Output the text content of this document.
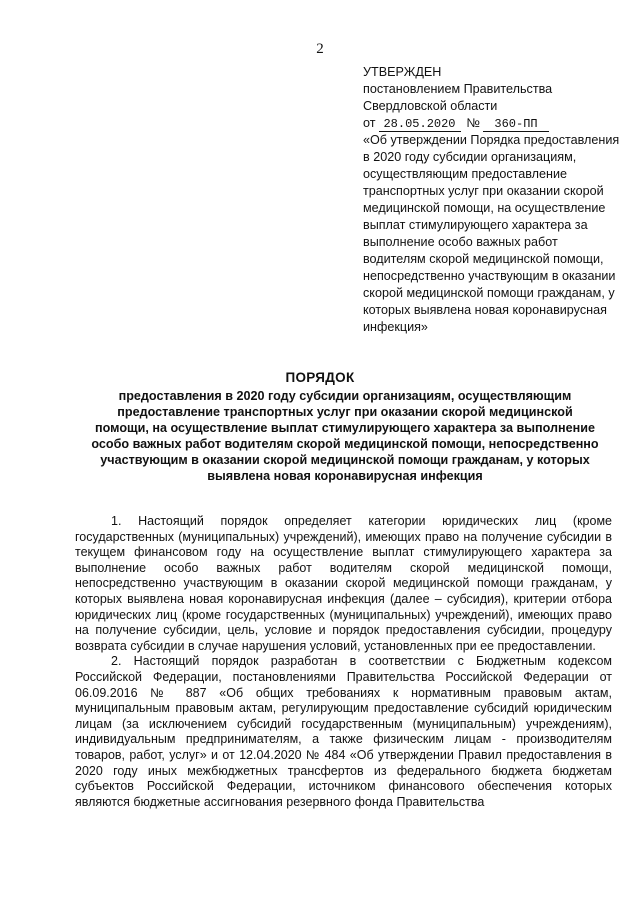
2
УТВЕРЖДЕН
постановлением Правительства
Свердловской области
от 28.05.2020 № 360-ПП
«Об утверждении Порядка предоставления в 2020 году субсидии организациям, осуществляющим предоставление транспортных услуг при оказании скорой медицинской помощи, на осуществление выплат стимулирующего характера за выполнение особо важных работ водителям скорой медицинской помощи, непосредственно участвующим в оказании скорой медицинской помощи гражданам, у которых выявлена новая коронавирусная инфекция»
ПОРЯДОК
предоставления в 2020 году субсидии организациям, осуществляющим предоставление транспортных услуг при оказании скорой медицинской помощи, на осуществление выплат стимулирующего характера за выполнение особо важных работ водителям скорой медицинской помощи, непосредственно участвующим в оказании скорой медицинской помощи гражданам, у которых выявлена новая коронавирусная инфекция

1. Настоящий порядок определяет категории юридических лиц (кроме государственных (муниципальных) учреждений), имеющих право на получение субсидии в текущем финансовом году на осуществление выплат стимулирующего характера за выполнение особо важных работ водителям скорой медицинской помощи, непосредственно участвующим в оказании скорой медицинской помощи гражданам, у которых выявлена новая коронавирусная инфекция (далее – субсидия), критерии отбора юридических лиц (кроме государственных (муниципальных) учреждений), имеющих право на получение субсидии, цель, условие и порядок предоставления субсидии, процедуру возврата субсидии в случае нарушения условий, установленных при ее предоставлении.

2. Настоящий порядок разработан в соответствии с Бюджетным кодексом Российской Федерации, постановлениями Правительства Российской Федерации от 06.09.2016 № 887 «Об общих требованиях к нормативным правовым актам, муниципальным правовым актам, регулирующим предоставление субсидий юридическим лицам (за исключением субсидий государственным (муниципальным) учреждениям), индивидуальным предпринимателям, а также физическим лицам - производителям товаров, работ, услуг» и от 12.04.2020 № 484 «Об утверждении Правил предоставления в 2020 году иных межбюджетных трансфертов из федерального бюджета бюджетам субъектов Российской Федерации, источником финансового обеспечения которых являются бюджетные ассигнования резервного фонда Правительства
